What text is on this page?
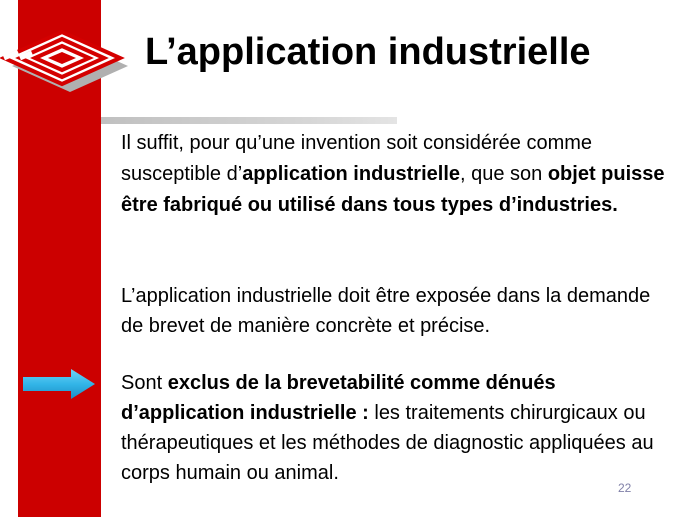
L’application industrielle
Il suffit, pour qu’une invention soit considérée comme susceptible d’application industrielle, que son objet puisse être fabriqué ou utilisé dans tous types d’industries.
L’application industrielle doit être exposée dans la demande de brevet de manière concrète et précise.
Sont exclus de la brevetabilité comme dénués d’application industrielle : les traitements chirurgicaux ou thérapeutiques et les méthodes de diagnostic appliquées au corps humain ou animal.
22
